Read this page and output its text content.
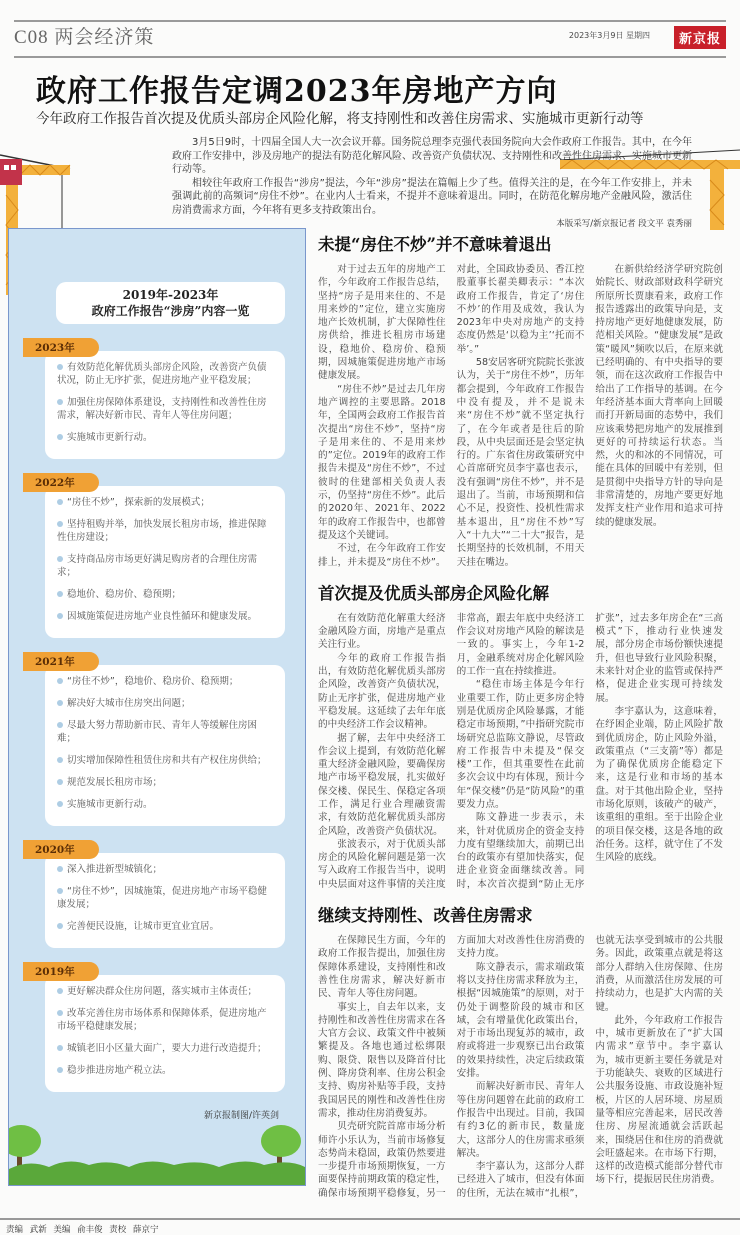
C08 两会经济策	2023年3月9日 星期四	新京报
政府工作报告定调2023年房地产方向
今年政府工作报告首次提及优质头部房企风险化解，将支持刚性和改善住房需求、实施城市更新行动等

3月5日9时，十四届全国人大一次会议开幕。国务院总理李克强代表国务院向大会作政府工作报告。其中，在今年政府工作安排中，涉及房地产的提法有防范化解风险、改善资产负债状况、支持刚性和改善性住房需求、实施城市更新行动等。

相较往年政府工作报告“涉房”提法，今年“涉房”提法在篇幅上少了些。值得关注的是，在今年工作安排上，并未强调此前的高频词“房住不炒”。在业内人士看来，不提并不意味着退出。同时，在防范化解房地产金融风险，激活住房消费需求方面，今年将有更多支持政策出台。

本版采写/新京报记者 段文平 袁秀丽
2019年-2023年
政府工作报告“涉房”内容一览
2023年
有效防范化解优质头部房企风险，改善资产负债状况，防止无序扩张，促进房地产业平稳发展；
加强住房保障体系建设，支持刚性和改善性住房需求，解决好新市民、青年人等住房问题；
实施城市更新行动。
2022年
“房住不炒”，探索新的发展模式；
坚持租购并举，加快发展长租房市场，推进保障性住房建设；
支持商品房市场更好满足购房者的合理住房需求；
稳地价、稳房价、稳预期；
因城施策促进房地产业良性循环和健康发展。
2021年
“房住不炒”，稳地价、稳房价、稳预期；
解决好大城市住房突出问题；
尽最大努力帮助新市民、青年人等缓解住房困难；
切实增加保障性租赁住房和共有产权住房供给；
规范发展长租房市场；
实施城市更新行动。
2020年
深入推进新型城镇化；
“房住不炒”，因城施策，促进房地产市场平稳健康发展；
完善便民设施，让城市更宜业宜居。
2019年
更好解决群众住房问题，落实城市主体责任；
改革完善住房市场体系和保障体系，促进房地产市场平稳健康发展；
城镇老旧小区量大面广，要大力进行改造提升；
稳步推进房地产税立法。
新京报制图/许英剑
未提“房住不炒”并不意味着退出

对于过去五年的房地产工作，今年政府工作报告总结，坚持“房子是用来住的、不是用来炒的”定位，建立实施房地产长效机制，扩大保障性住房供给，推进长租房市场建设，稳地价、稳房价、稳预期，因城施策促进房地产市场健康发展。

“房住不炒”是过去几年房地产调控的主要思路。2018年，全国两会政府工作报告首次提出“房住不炒”，坚持“房子是用来住的、不是用来炒的”定位。2019年的政府工作报告未提及“房住不炒”，不过彼时的住建部相关负责人表示，仍坚持“房住不炒”。此后的2020年、2021年、2022年的政府工作报告中，也都曾提及这个关键词。

不过，在今年政府工作安排上，并未提及“房住不炒”。对此，全国政协委员、香江控股董事长翟美卿表示：“本次政府工作报告，肯定了‘房住不炒’的作用及成效，我认为2023年中央对房地产的支持态度仍然是‘以稳为主’‘托而不举’。”

58安居客研究院院长张波认为，关于“房住不炒”，历年都会提到，今年政府工作报告中没有提及，并不是说未来“房住不炒”就不坚定执行了，在今年或者是往后的阶段，从中央层面还是会坚定执行的。广东省住房政策研究中心首席研究员李宇嘉也表示，没有强调“房住不炒”，并不是退出了。当前，市场预期和信心不足，投资性、投机性需求基本退出，且“房住不炒”写入“十九大”“二十大”报告，是长期坚持的长效机制，不用天天挂在嘴边。

在新供给经济学研究院创始院长、财政部财政科学研究所原所长贾康看来，政府工作报告透露出的政策导向是，支持房地产更好地健康发展，防范相关风险。“健康发展”是政策“暖风”频吹以后，在原来就已经明确的、有中央指导的要领，而在这次政府工作报告中给出了工作指导的基调。在今年经济基本面大背率向上回暖而打开新局面的态势中，我们应该乘势把房地产的发展推到更好的可持续运行状态。当然，火的和冰的不同情况，可能在具体的回暖中有差别，但是贯彻中央指导方针的导向是非常清楚的，房地产要更好地发挥支柱产业作用和追求可持续的健康发展。

首次提及优质头部房企风险化解

在有效防范化解重大经济金融风险方面，房地产是重点关注行业。

今年的政府工作报告指出，有效防范化解优质头部房企风险，改善资产负债状况，防止无序扩张，促进房地产业平稳发展。这延续了去年年底的中央经济工作会议精神。

据了解，去年中央经济工作会议上提到，有效防范化解重大经济金融风险，要确保房地产市场平稳发展，扎实做好保交楼、保民生、保稳定各项工作，满足行业合理融资需求，有效防范化解优质头部房企风险，改善资产负债状况。

张波表示，对于优质头部房企的风险化解问题是第一次写入政府工作报告当中，说明中央层面对这件事情的关注度非常高，跟去年底中央经济工作会议对房地产风险的解读是一致的。事实上，今年1-2月，金融系统对房企化解风险的工作一直在持续推进。

“稳住市场主体是今年行业重要工作，防止更多房企特别是优质房企风险暴露，才能稳定市场预期，”中指研究院市场研究总监陈文静说，尽管政府工作报告中未提及“保交楼”工作，但其重要性在此前多次会议中均有体现，预计今年“保交楼”仍是“防风险”的重要发力点。

陈文静进一步表示，未来，针对优质房企的资金支持力度有望继续加大，前期已出台的政策亦有望加快落实，促进企业资金面继续改善。同时，本次首次提到“防止无序扩张”，过去多年房企在“三高模式”下，推动行业快速发展，部分房企市场份额快速提升，但也导致行业风险积聚，未来针对企业的监管或保持严格，促进企业实现可持续发展。

李宇嘉认为，这意味着，在纾困企业端，防止风险扩散到优质房企，防止风险外溢，政策重点（“三支箭”等）都是为了确保优质房企能稳定下来，这是行业和市场的基本盘。对于其他出险企业，坚持市场化原则，该破产的破产，该重组的重组。至于出险企业的项目保交楼，这是各地的政治任务。这样，就守住了不发生风险的底线。

继续支持刚性、改善住房需求

在保障民生方面，今年的政府工作报告提出，加强住房保障体系建设，支持刚性和改善性住房需求，解决好新市民、青年人等住房问题。

事实上，自去年以来，支持刚性和改善性住房需求在各大官方会议、政策文件中被频繁提及。各地也通过松绑限购、限贷、限售以及降首付比例、降房贷利率、住房公积金支持、购房补贴等手段，支持我国居民的刚性和改善性住房需求，推动住房消费复苏。

贝壳研究院首席市场分析师许小乐认为，当前市场修复态势尚未稳固，政策仍然要进一步提升市场预期恢复，一方面要保持前期政策的稳定性，确保市场预期平稳修复，另一方面加大对改善性住房消费的支持力度。

陈文静表示，需求端政策将以支持住房需求释放为主，根据“因城施策”的原则，对于仍处于调整阶段的城市和区域，会有增量优化政策出台，对于市场出现复苏的城市，政府或将进一步观察已出台政策的效果持续性，决定后续政策安排。

而解决好新市民、青年人等住房问题曾在此前的政府工作报告中出现过。目前，我国有约3亿的新市民，数量庞大，这部分人的住房需求亟须解决。

李宇嘉认为，这部分人群已经进入了城市，但没有体面的住所，无法在城市“扎根”，也就无法享受到城市的公共服务。因此，政策重点就是将这部分人群纳入住房保障、住房消费，从而激活住房发展的可持续动力，也是扩大内需的关键。

此外，今年政府工作报告中，城市更新放在了“扩大国内需求”章节中。李宇嘉认为，城市更新主要任务就是对于功能缺失、衰败的区域进行公共服务设施、市政设施补短板，片区的人居环境、房屋质量等相应完善起来，居民改善住房、房屋流通就会活跃起来，围绕居住和住房的消费就会旺盛起来。在市场下行期，这样的改造模式能部分替代市场下行，提振居民住房消费。

责编 武新 美编 俞丰俊 责校 薛京宁
